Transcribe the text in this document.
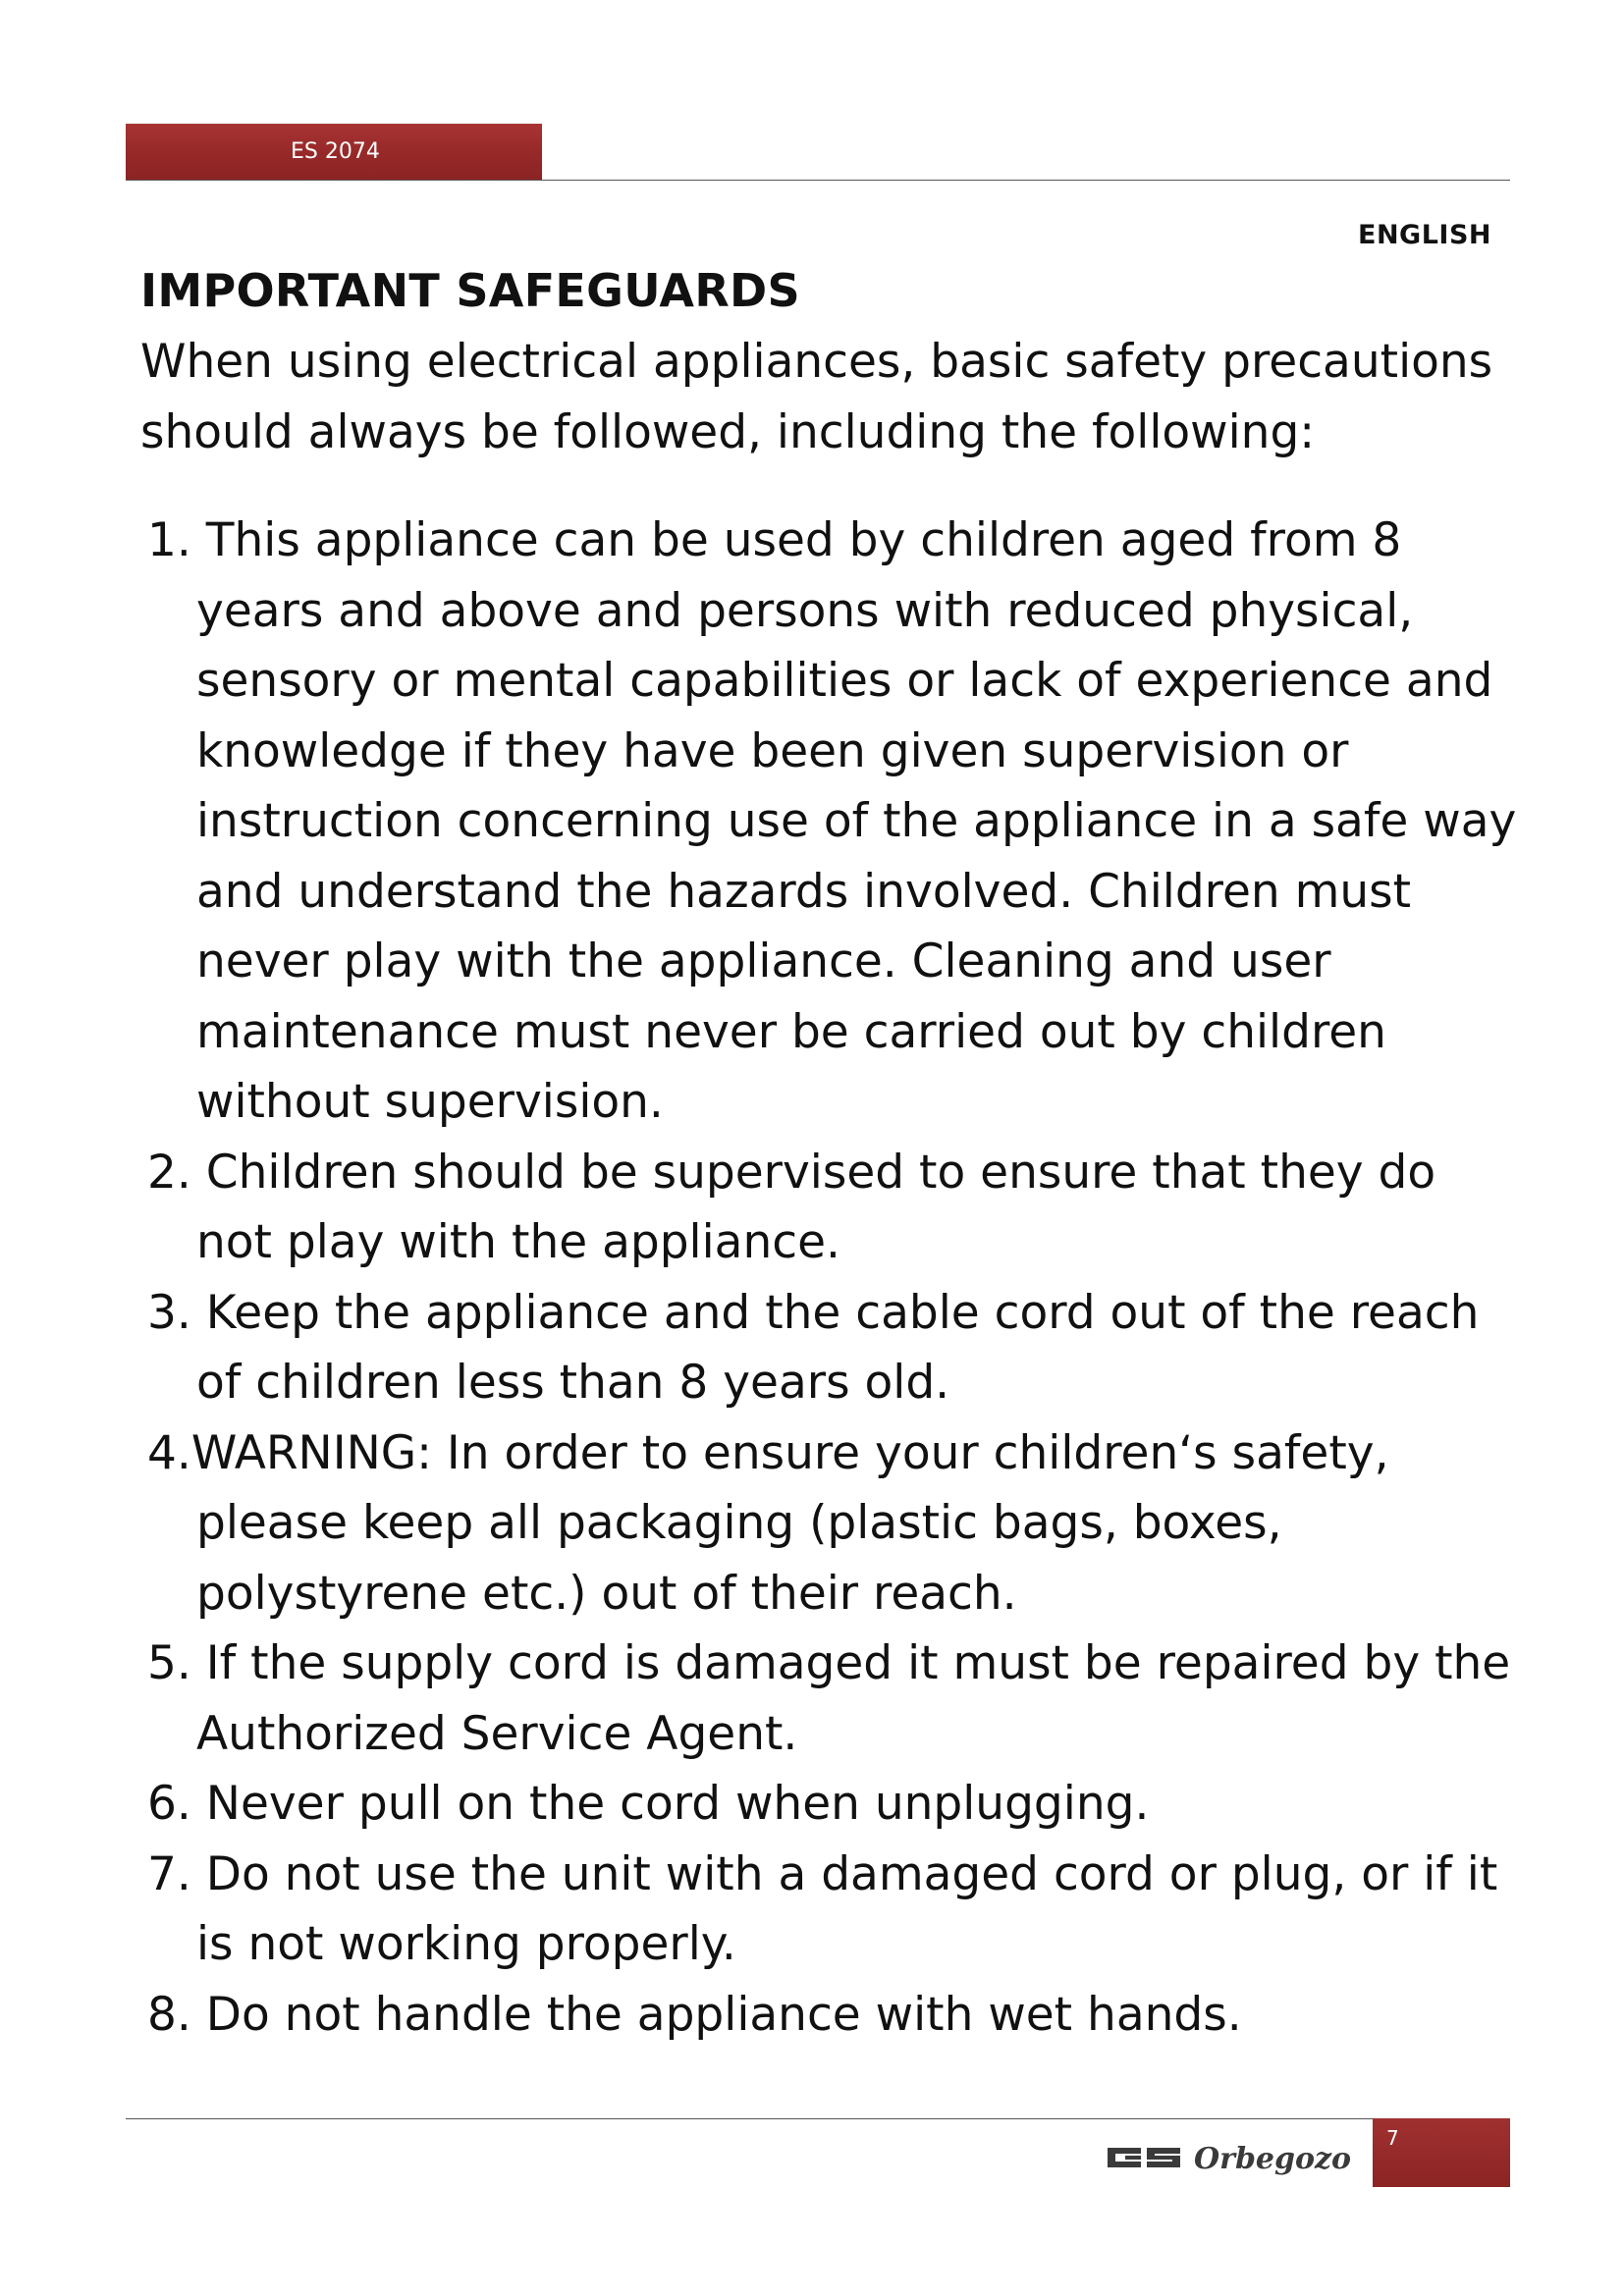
ES 2074
ENGLISH
IMPORTANT SAFEGUARDS

When using electrical appliances, basic safety precautions
should always be followed, including the following:

1. This appliance can be used by children aged from 8
years and above and persons with reduced physical,
sensory or mental capabilities or lack of experience and
knowledge if they have been given supervision or
instruction concerning use of the appliance in a safe way
and understand the hazards involved. Children must
never play with the appliance. Cleaning and user
maintenance must never be carried out by children
without supervision.
2. Children should be supervised to ensure that they do
not play with the appliance.
3. Keep the appliance and the cable cord out of the reach
of children less than 8 years old.
4.WARNING: In order to ensure your children‘s safety,
please keep all packaging (plastic bags, boxes,
polystyrene etc.) out of their reach.
5. If the supply cord is damaged it must be repaired by the
Authorized Service Agent.
6. Never pull on the cord when unplugging.
7. Do not use the unit with a damaged cord or plug, or if it
is not working properly.
8. Do not handle the appliance with wet hands.
Orbegozo
7
